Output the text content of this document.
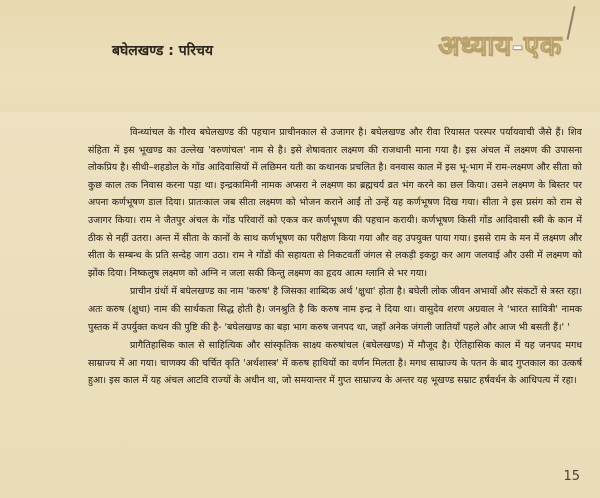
बघेलखण्ड : परिचय	अध्याय-एक

विन्ध्यांचल के गौरव बघेलखण्ड की पहचान प्राचीनकाल से उजागर है। बघेलखण्ड और रीवा रियासत परस्पर पर्यायवाची जैसे हैं। शिव संहिता में इस भूखण्ड का उल्लेख 'वरुणांचल' नाम से है। इसे शेषावतार लक्ष्मण की राजधानी माना गया है। इस अंचल में लक्ष्मण की उपासना लोकप्रिय है। सीधी–शहडोल के गोंड आदिवासियों में लछिमन यती का कथानक प्रचलित है। वनवास काल में इस भू-भाग में राम-लक्ष्मण और सीता को कुछ काल तक निवास करना पड़ा था। इन्द्रकामिनी नामक अप्सरा ने लक्ष्मण का ब्रह्मचर्य व्रत भंग करने का छल किया। उसने लक्ष्मण के बिस्तर पर अपना कर्णभूषण डाल दिया। प्रातःकाल जब सीता लक्ष्मण को भोजन कराने आईं तो उन्हें यह कर्णभूषण दिख गया। सीता ने इस प्रसंग को राम से उजागर किया। राम ने जैतपुर अंचल के गोंड परिवारों को एकत्र कर कर्णभूषण की पहचान करायी। कर्णभूषण किसी गोंड आदिवासी स्त्री के कान में ठीक से नहीं उतरा। अन्त में सीता के कानों के साथ कर्णभूषण का परीक्षण किया गया और वह उपयुक्त पाया गया। इससे राम के मन में लक्ष्मण और सीता के सम्बन्ध के प्रति सन्देह जाग उठा। राम ने गोंडों की सहायता से निकटवर्ती जंगल से लकड़ी इकट्ठा कर आग जलवाई और उसी में लक्ष्मण को झोंक दिया। निष्कलुष लक्ष्मण को अग्नि न जला सकी किन्तु लक्ष्मण का हृदय आत्म ग्लानि से भर गया।

प्राचीन ग्रंथों में बघेलखण्ड का नाम 'करुष' है जिसका शाब्दिक अर्थ 'क्षुधा' होता है। बघेली लोक जीवन अभावों और संकटों से त्रस्त रहा। अतः करुष (क्षुधा) नाम की सार्थकता सिद्ध होती है। जनश्रुति है कि करुष नाम इन्द्र ने दिया था। वासुदेव शरण अग्रवाल ने 'भारत सावित्री' नामक पुस्तक में उपर्युक्त कथन की पुष्टि की है- 'बघेलखण्ड का बड़ा भाग करुष जनपद था, जहाँ अनेक जंगली जातियाँ पहले और आज भी बसती हैं।' '

प्रागैतिहासिक काल से साहित्यिक और सांस्कृतिक साक्ष्य करुषांचल (बघेलखण्ड) में मौजूद है। ऐतिहासिक काल में यह जनपद मगध साम्राज्य में आ गया। चाणक्य की चर्चित कृति 'अर्थशास्त्र' में करुष हाथियों का वर्णन मिलता है। मगध साम्राज्य के पतन के बाद गुप्तकाल का उत्कर्ष हुआ। इस काल में यह अंचल आटवि राज्यों के अधीन था, जो समयान्तर में गुप्त साम्राज्य के अन्तर यह भूखण्ड सम्राट हर्षवर्धन के आधिपत्य में रहा।

15
